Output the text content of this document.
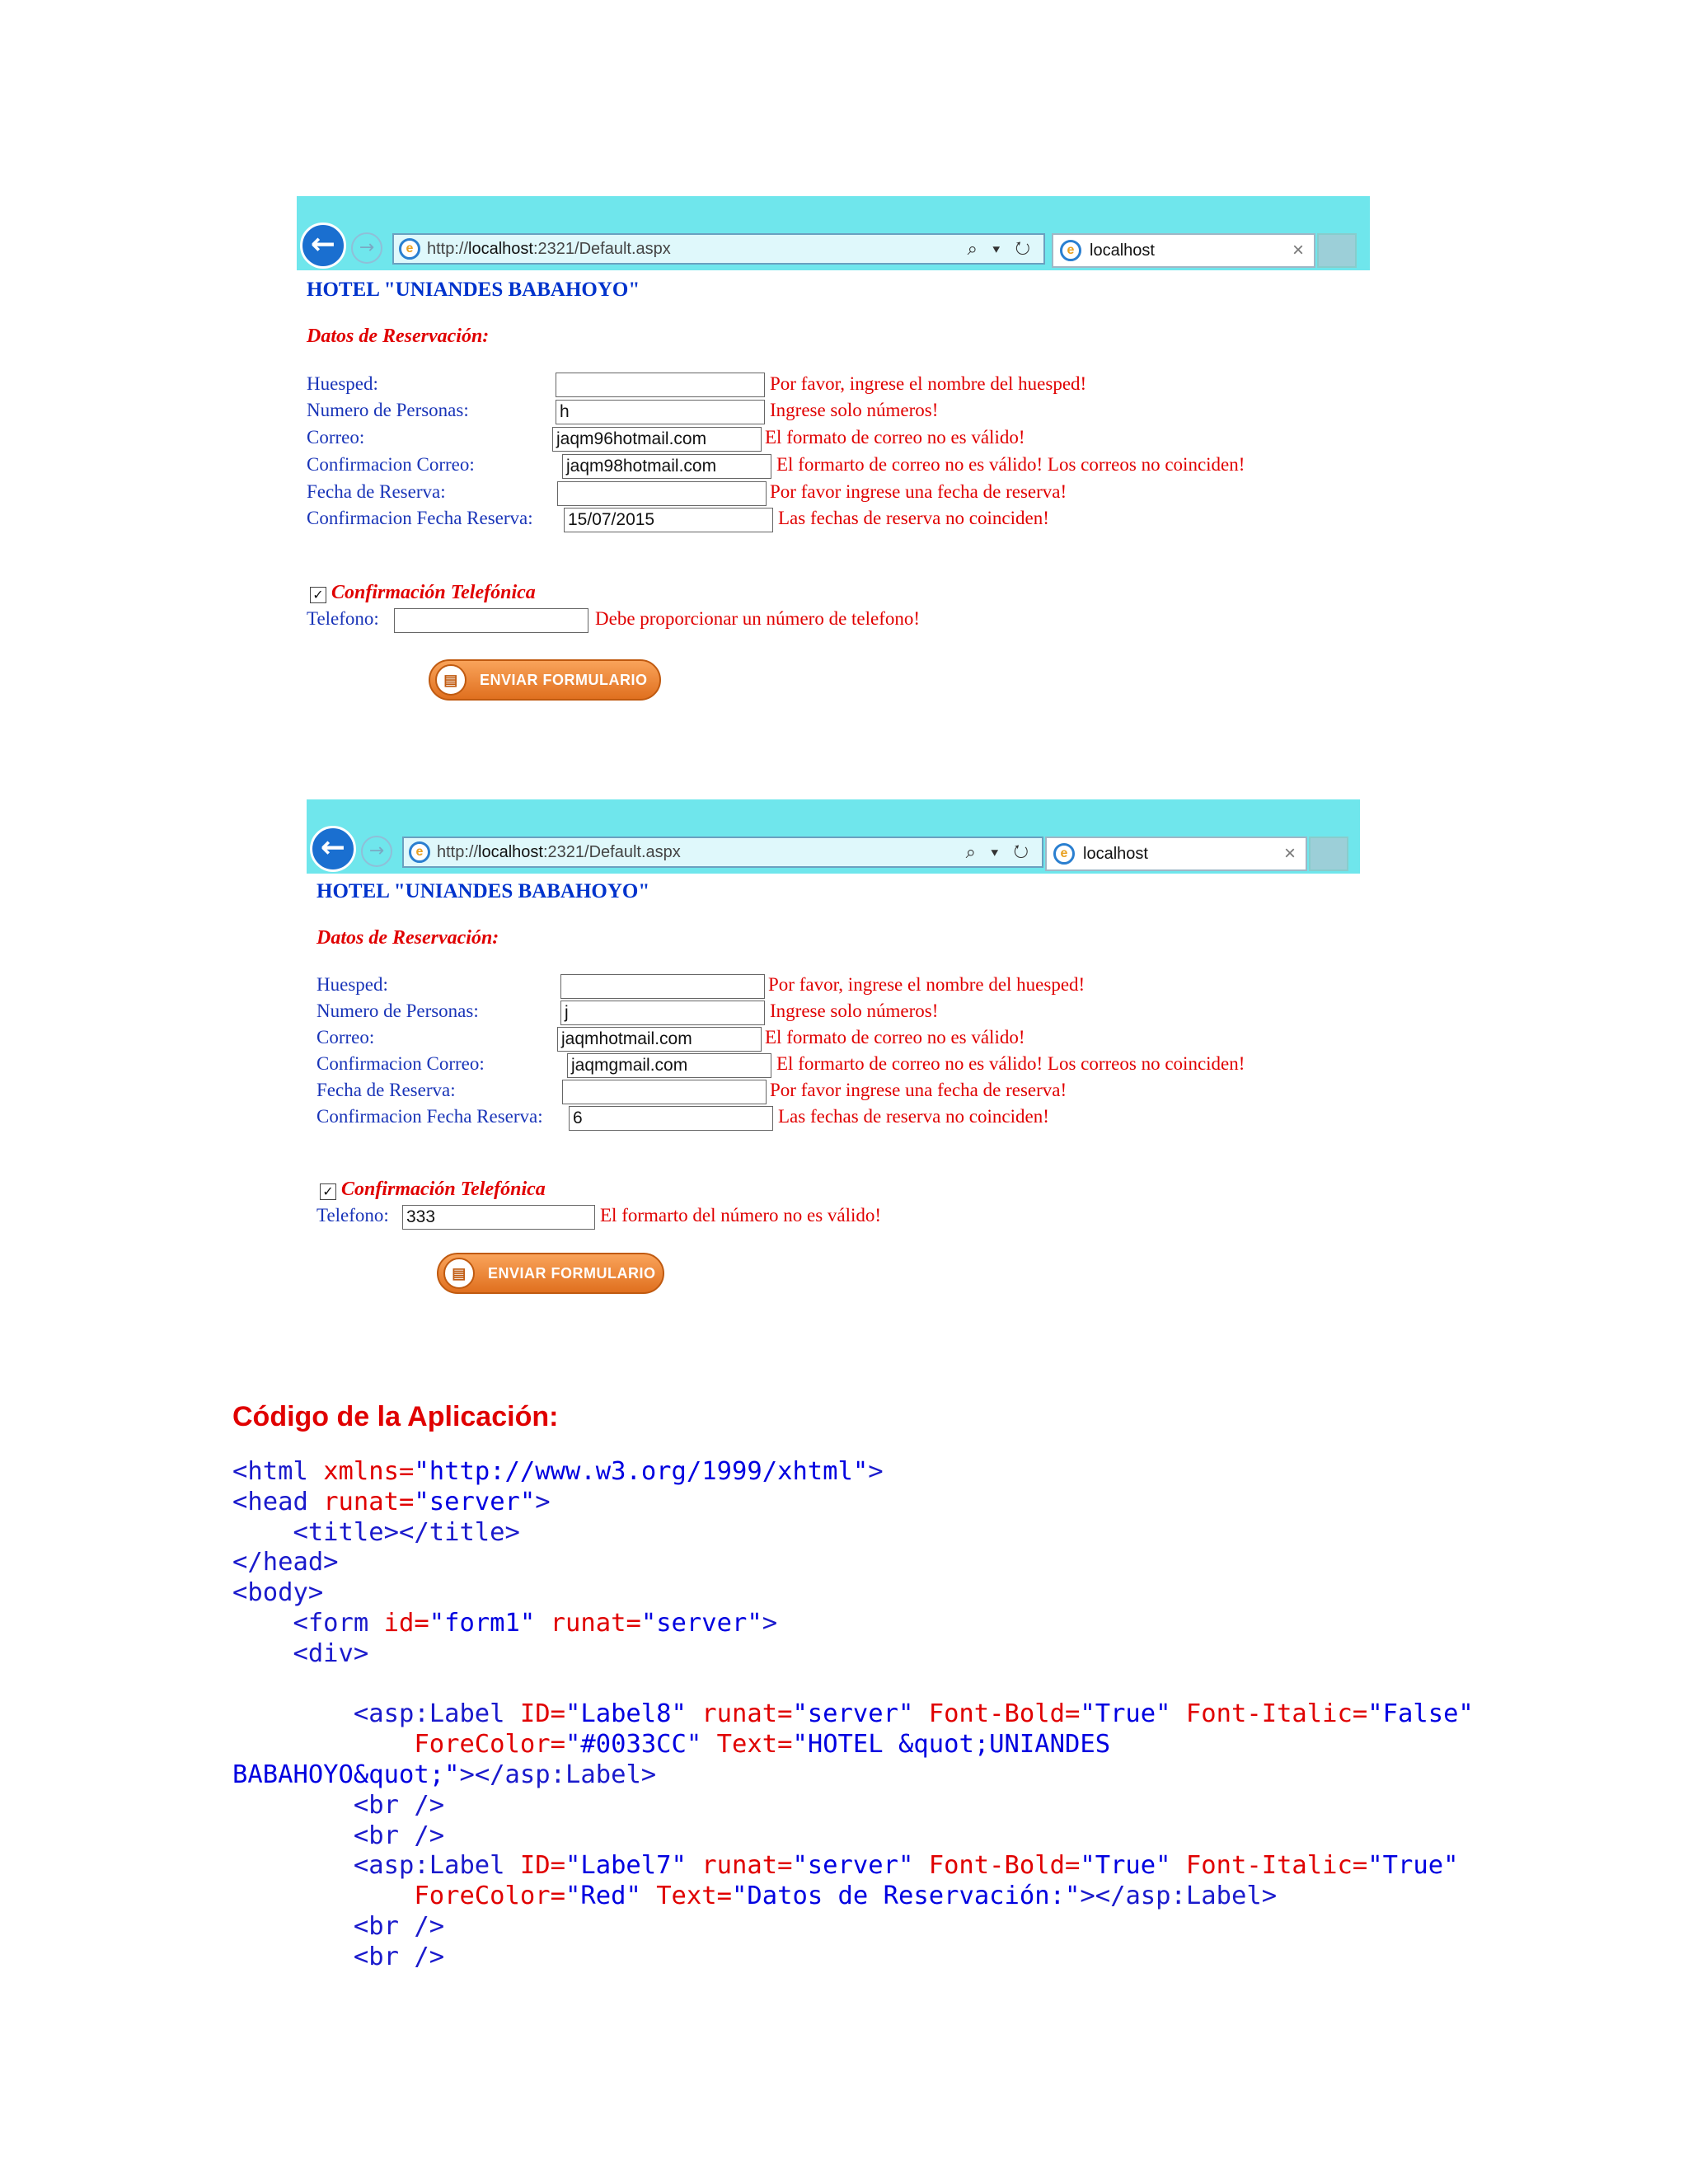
←	→	e http://localhost:2321/Default.aspx	⌕ ▾ ↻	e localhost	×
HOTEL "UNIANDES BABAHOYO"
Datos de Reservación:
Huesped:	Por favor, ingrese el nombre del huesped!
Numero de Personas:	h	Ingrese solo números!
Correo:	jaqm96hotmail.com	El formato de correo no es válido!
Confirmacion Correo:	jaqm98hotmail.com	El formarto de correo no es válido! Los correos no coinciden!
Fecha de Reserva:	Por favor ingrese una fecha de reserva!
Confirmacion Fecha Reserva: 15/07/2015	Las fechas de reserva no coinciden!
✓ Confirmación Telefónica
Telefono:	Debe proporcionar un número de telefono!
▤	ENVIAR FORMULARIO
←	→	e http://localhost:2321/Default.aspx	⌕ ▾ ↻	e localhost	×
HOTEL "UNIANDES BABAHOYO"
Datos de Reservación:
Huesped:	Por favor, ingrese el nombre del huesped!
Numero de Personas:	j	Ingrese solo números!
Correo:	jaqmhotmail.com	El formato de correo no es válido!
Confirmacion Correo:	jaqmgmail.com	El formarto de correo no es válido! Los correos no coinciden!
Fecha de Reserva:	Por favor ingrese una fecha de reserva!
Confirmacion Fecha Reserva: 6	Las fechas de reserva no coinciden!
✓ Confirmación Telefónica
Telefono: 333	El formarto del número no es válido!
▤	ENVIAR FORMULARIO
Código de la Aplicación:
<html xmlns="http://www.w3.org/1999/xhtml">
<head runat="server">
<title></title>
</head>
<body>
<form id="form1" runat="server">
<div>
<asp:Label ID="Label8" runat="server" Font-Bold="True" Font-Italic="False"
ForeColor="#0033CC" Text="HOTEL &quot;UNIANDES
BABAHOYO&quot;"></asp:Label>
<br />
<br />
<asp:Label ID="Label7" runat="server" Font-Bold="True" Font-Italic="True"
ForeColor="Red" Text="Datos de Reservación:"></asp:Label>
<br />
<br />
